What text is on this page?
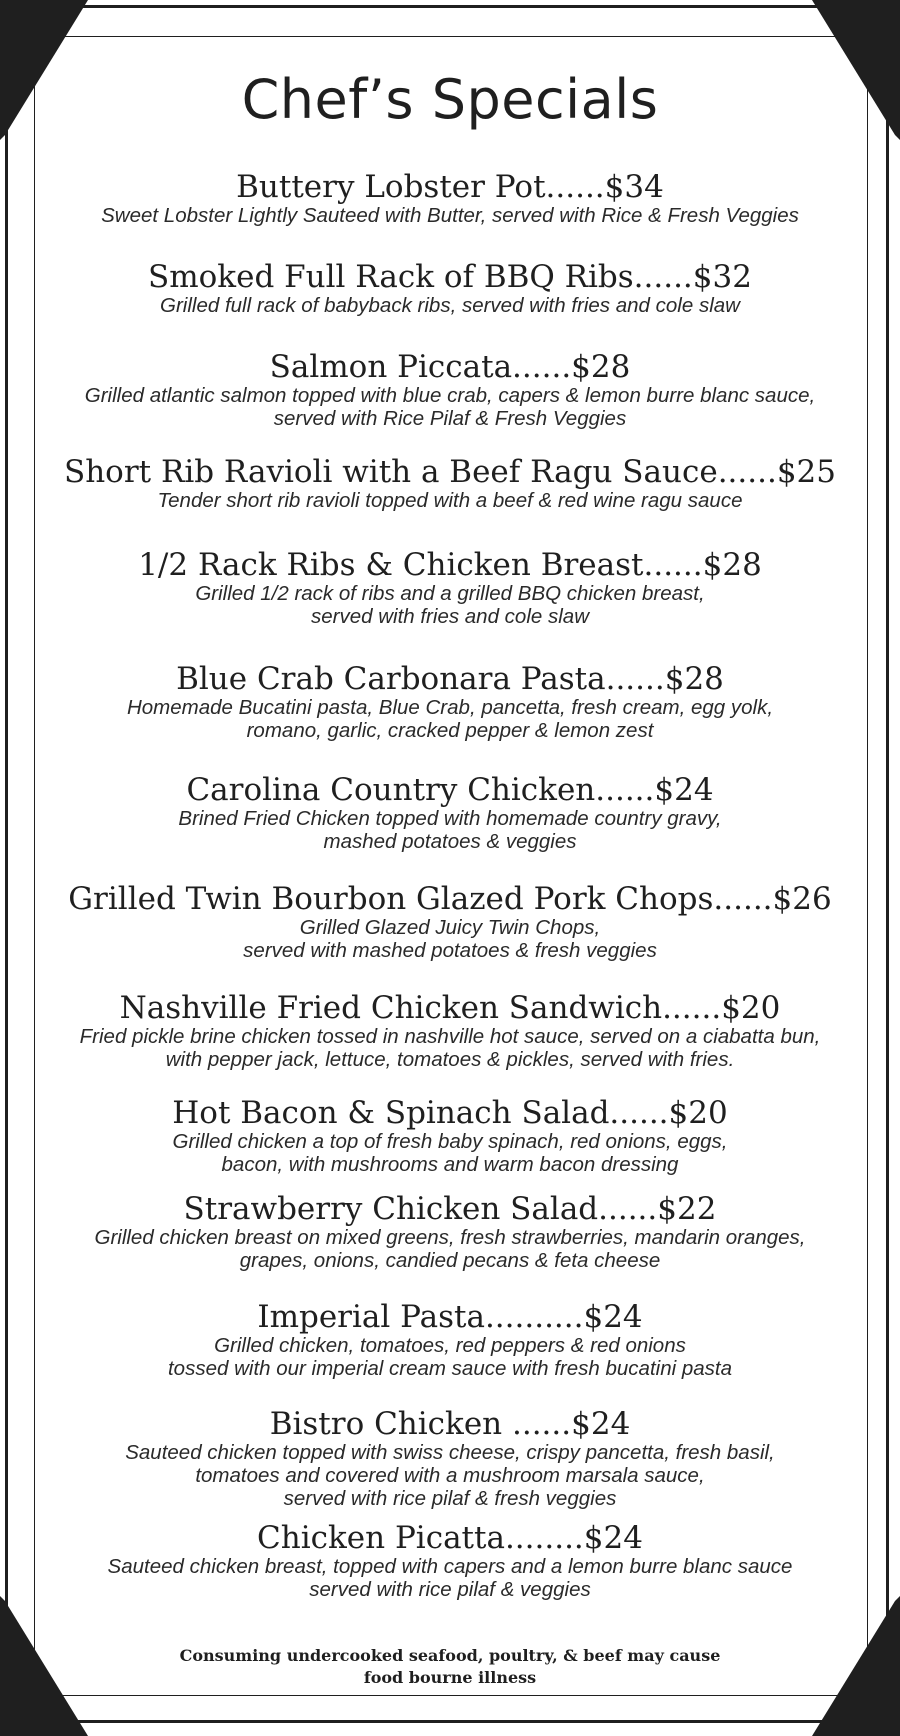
Chef’s Specials
Buttery Lobster Pot......$34
Sweet Lobster Lightly Sauteed with Butter, served with Rice & Fresh Veggies
Smoked Full Rack of BBQ Ribs......$32
Grilled full rack of babyback ribs, served with fries and cole slaw
Salmon Piccata......$28
Grilled atlantic salmon topped with blue crab, capers & lemon burre blanc sauce,
served with Rice Pilaf & Fresh Veggies
Short Rib Ravioli with a Beef Ragu Sauce......$25
Tender short rib ravioli topped with a beef & red wine ragu sauce
1/2 Rack Ribs & Chicken Breast......$28
Grilled 1/2 rack of ribs and a grilled BBQ chicken breast,
served with fries and cole slaw
Blue Crab Carbonara Pasta......$28
Homemade Bucatini pasta, Blue Crab, pancetta, fresh cream, egg yolk,
romano, garlic, cracked pepper & lemon zest
Carolina Country Chicken......$24
Brined Fried Chicken topped with homemade country gravy,
mashed potatoes & veggies
Grilled Twin Bourbon Glazed Pork Chops......$26
Grilled Glazed Juicy Twin Chops,
served with mashed potatoes & fresh veggies
Nashville Fried Chicken Sandwich......$20
Fried pickle brine chicken tossed in nashville hot sauce, served on a ciabatta bun,
with pepper jack, lettuce, tomatoes & pickles, served with fries.
Hot Bacon & Spinach Salad......$20
Grilled chicken a top of fresh baby spinach, red onions, eggs,
bacon, with mushrooms and warm bacon dressing
Strawberry Chicken Salad......$22
Grilled chicken breast on mixed greens, fresh strawberries, mandarin oranges,
grapes, onions, candied pecans & feta cheese
Imperial Pasta..........$24
Grilled chicken, tomatoes, red peppers & red onions
tossed with our imperial cream sauce with fresh bucatini pasta
Bistro Chicken ......$24
Sauteed chicken topped with swiss cheese, crispy pancetta, fresh basil,
tomatoes and covered with a mushroom marsala sauce,
served with rice pilaf & fresh veggies
Chicken Picatta........$24
Sauteed chicken breast, topped with capers and a lemon burre blanc sauce
served with rice pilaf & veggies
Consuming undercooked seafood, poultry, & beef may cause
food bourne illness
